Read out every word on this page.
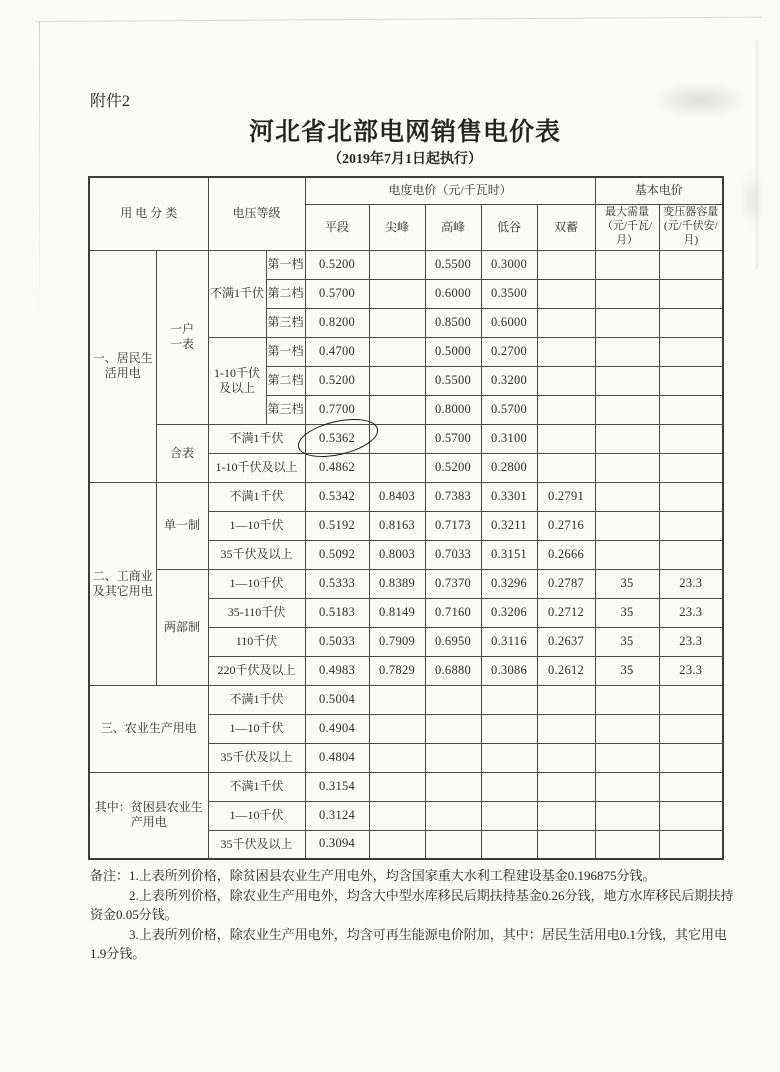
附件2
河北省北部电网销售电价表
（2019年7月1日起执行）
用 电 分 类		电压等级		电度电价（元/千瓦时）					基本电价	
				平段	尖峰	高峰	低谷	双蓄	最大需量（元/千瓦/月）	变压器容量(元/千伏安/月)
一、居民生活用电	一户一表	不满1千伏	第一档	0.5200		0.5500	0.3000			
			第二档	0.5700		0.6000	0.3500			
			第三档	0.8200		0.8500	0.6000			
		1-10千伏及以上	第一档	0.4700		0.5000	0.2700			
			第二档	0.5200		0.5500	0.3200			
			第三档	0.7700		0.8000	0.5700			
	合表	不满1千伏		0.5362		0.5700	0.3100			
		1-10千伏及以上		0.4862		0.5200	0.2800			
二、工商业及其它用电	单一制	不满1千伏		0.5342	0.8403	0.7383	0.3301	0.2791		
		1—10千伏		0.5192	0.8163	0.7173	0.3211	0.2716		
		35千伏及以上		0.5092	0.8003	0.7033	0.3151	0.2666		
	两部制	1—10千伏		0.5333	0.8389	0.7370	0.3296	0.2787	35	23.3
		35-110千伏		0.5183	0.8149	0.7160	0.3206	0.2712	35	23.3
		110千伏		0.5033	0.7909	0.6950	0.3116	0.2637	35	23.3
		220千伏及以上		0.4983	0.7829	0.6880	0.3086	0.2612	35	23.3
三、农业生产用电		不满1千伏		0.5004						
		1—10千伏		0.4904						
		35千伏及以上		0.4804						
其中：贫困县农业生产用电		不满1千伏		0.3154						
		1—10千伏		0.3124						
		35千伏及以上		0.3094						
备注：1.上表所列价格，除贫困县农业生产用电外，均含国家重大水利工程建设基金0.196875分钱。
2.上表所列价格，除农业生产用电外，均含大中型水库移民后期扶持基金0.26分钱，地方水库移民后期扶持
资金0.05分钱。
3.上表所列价格，除农业生产用电外，均含可再生能源电价附加，其中：居民生活用电0.1分钱，其它用电
1.9分钱。
